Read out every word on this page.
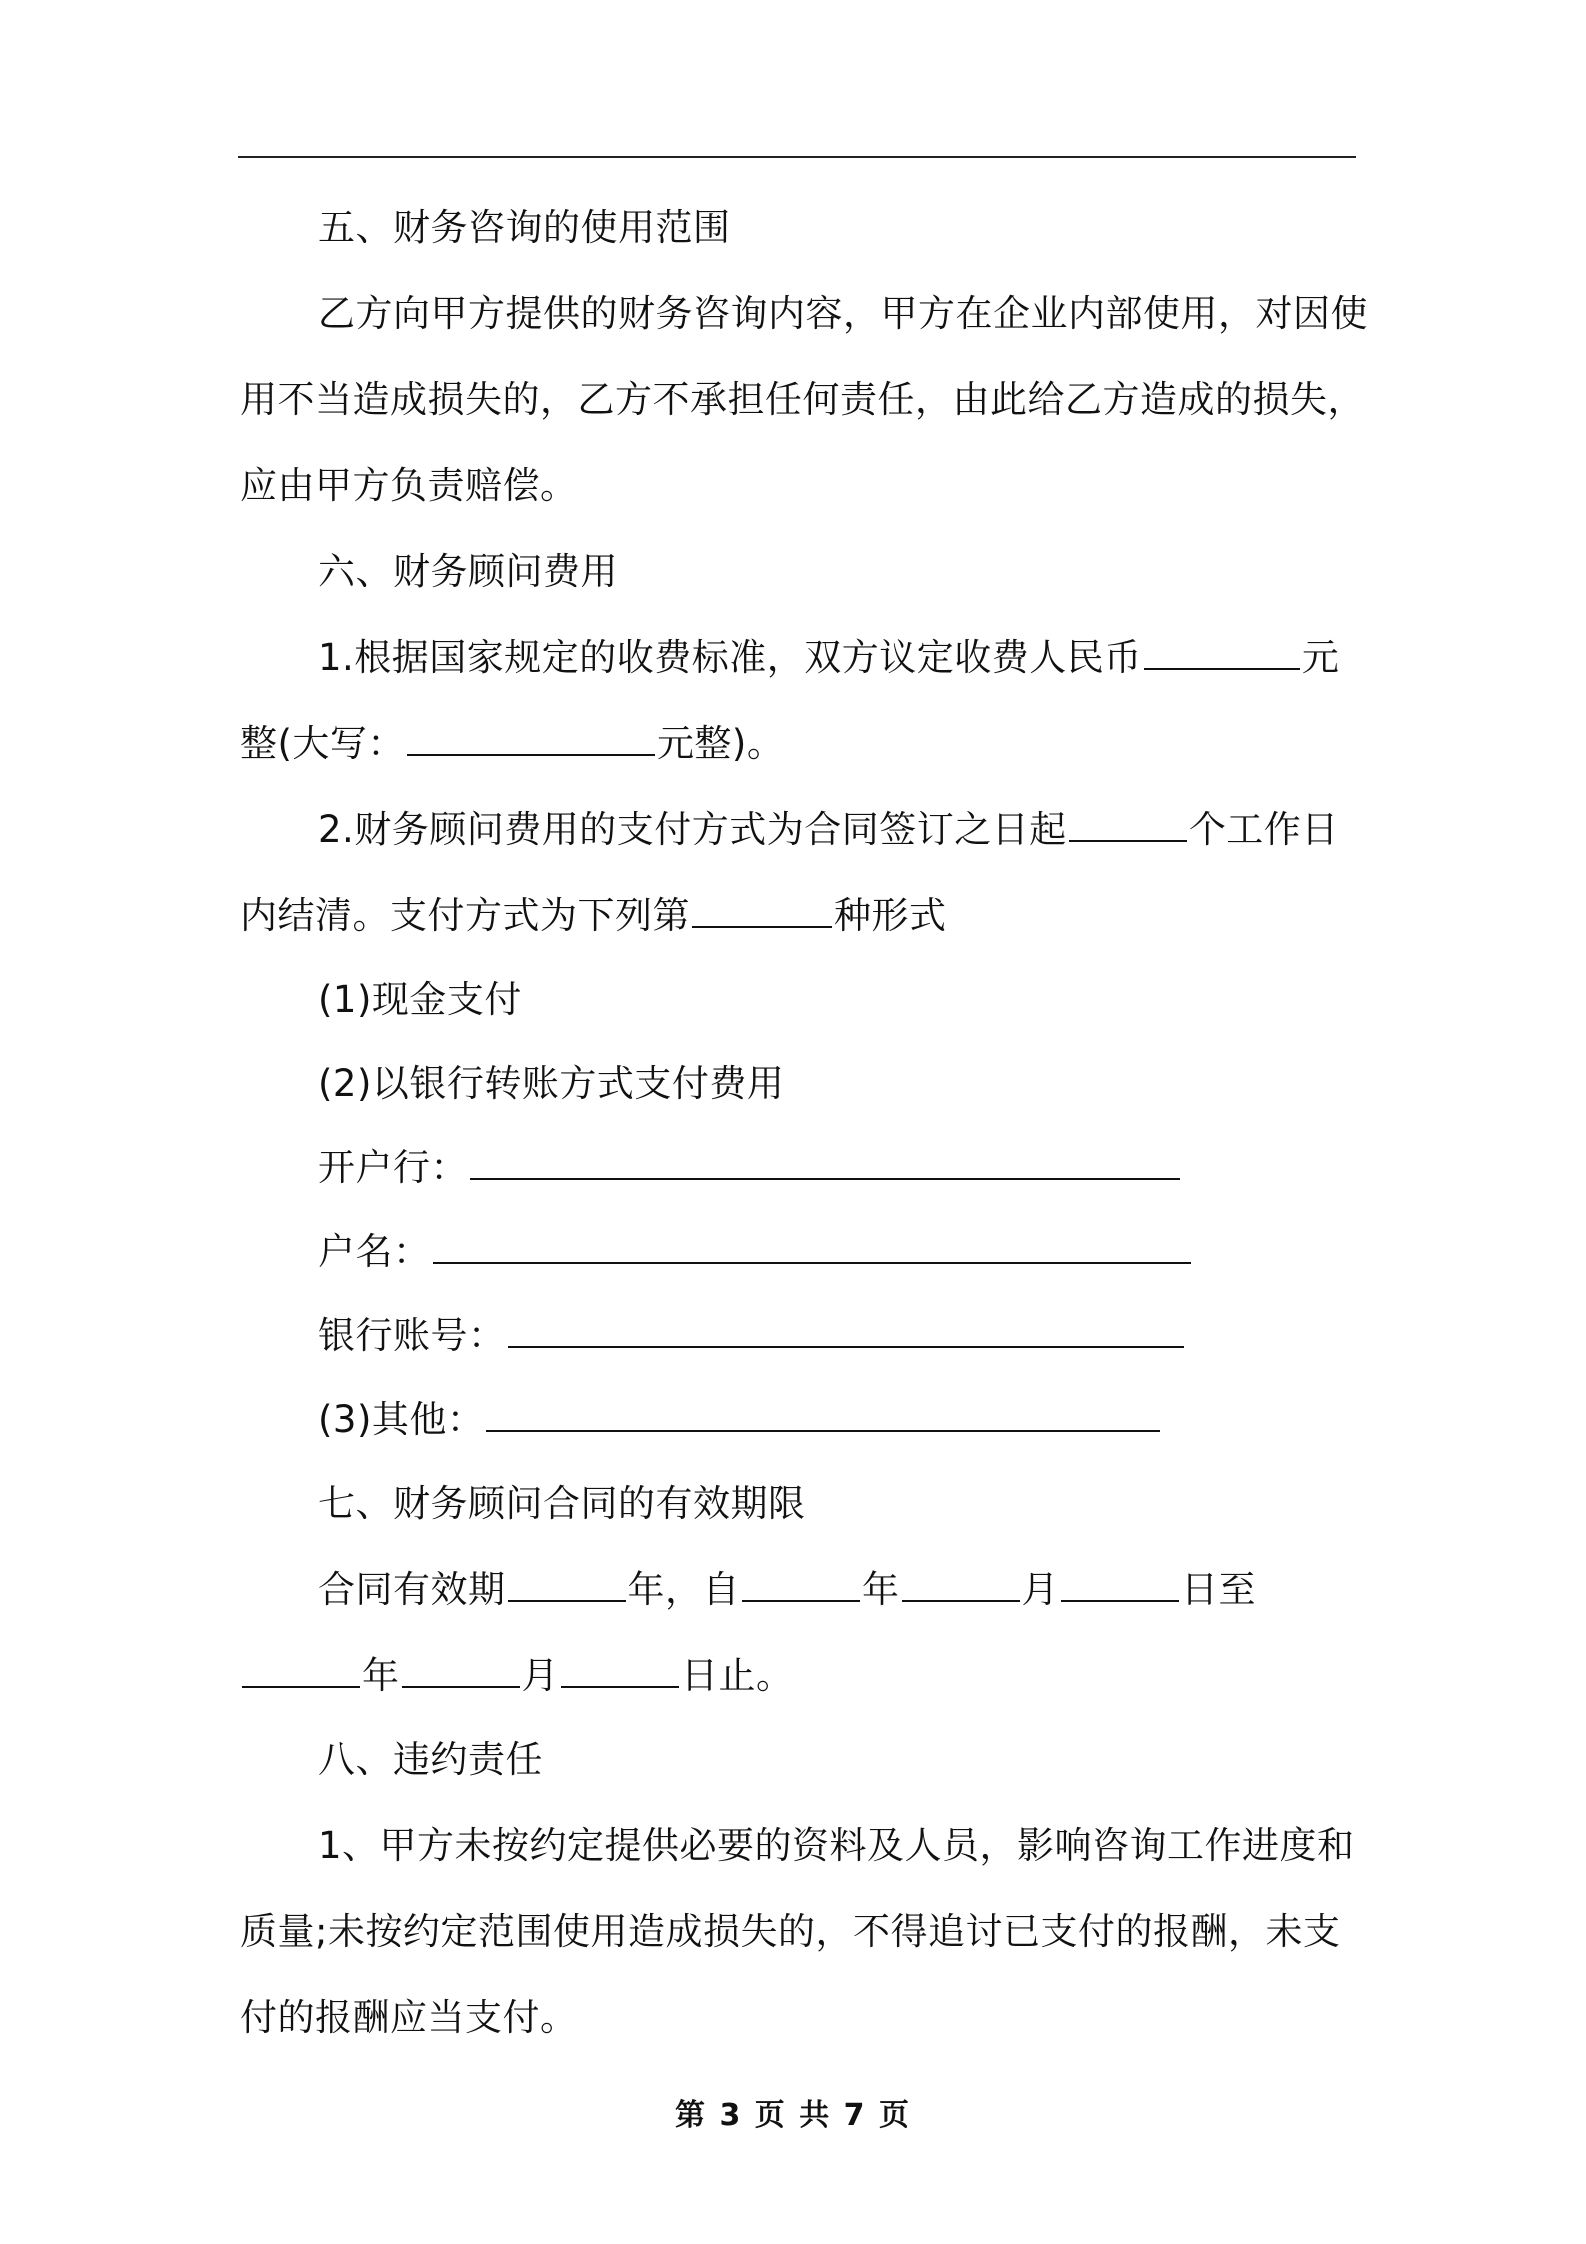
五、财务咨询的使用范围
乙方向甲方提供的财务咨询内容，甲方在企业内部使用，对因使
用不当造成损失的，乙方不承担任何责任，由此给乙方造成的损失，
应由甲方负责赔偿。
六、财务顾问费用
1.根据国家规定的收费标准，双方议定收费人民币	元
整(大写：	元整)。
2.财务顾问费用的支付方式为合同签订之日起	个工作日
内结清。支付方式为下列第	种形式
(1)现金支付
(2)以银行转账方式支付费用
开户行：
户名：
银行账号：
(3)其他：
七、财务顾问合同的有效期限
合同有效期	年，自	年	月	日至
年	月	日止。
八、违约责任
1、甲方未按约定提供必要的资料及人员，影响咨询工作进度和
质量;未按约定范围使用造成损失的，不得追讨已支付的报酬，未支
付的报酬应当支付。
第 3 页 共 7 页
